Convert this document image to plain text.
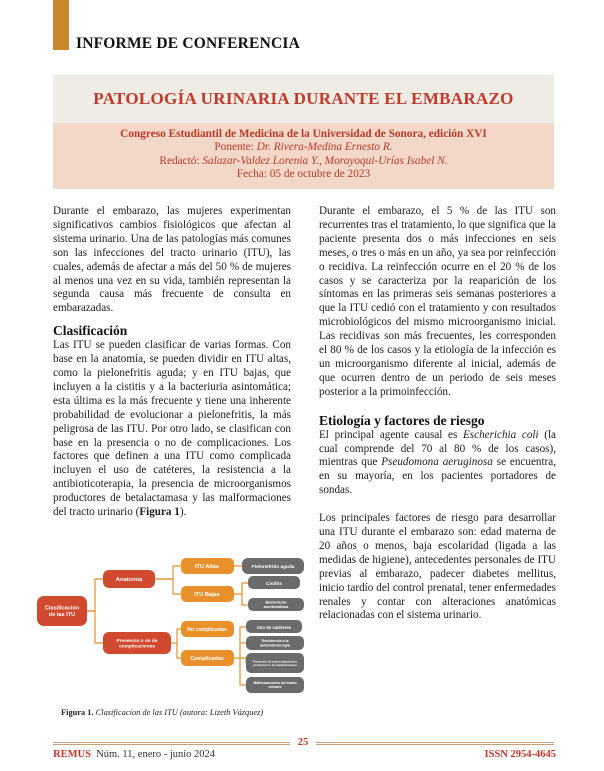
INFORME DE CONFERENCIA
PATOLOGÍA URINARIA DURANTE EL EMBARAZO
Congreso Estudiantil de Medicina de la Universidad de Sonora, edición XVI
Ponente: Dr. Rivera-Medina Ernesto R.
Redactó: Salazar-Valdez Lorenia Y., Moroyoqui-Urías Isabel N.
Fecha: 05 de octubre de 2023

Durante el embarazo, las mujeres experimentan significativos cambios fisiológicos que afectan al sistema urinario. Una de las patologías más comunes son las infecciones del tracto urinario (ITU), las cuales, además de afectar a más del 50 % de mujeres al menos una vez en su vida, también representan la segunda causa más frecuente de consulta en embarazadas.

Clasificación

Las ITU se pueden clasificar de varias formas. Con base en la anatomía, se pueden dividir en ITU altas, como la pielonefritis aguda; y en ITU bajas, que incluyen a la cistitis y a la bacteriuria asintomática; esta última es la más frecuente y tiene una inherente probabilidad de evolucionar a pielonefritis, la más peligrosa de las ITU. Por otro lado, se clasifican con base en la presencia o no de complicaciones. Los factores que definen a una ITU como complicada incluyen el uso de catéteres, la resistencia a la antibioticoterapia, la presencia de microorganismos productores de betalactamasa y las malformaciones del tracto urinario (Figura 1).

Clasificación de las ITU
Anatomía
Presencia o no de complicaciones
ITU Altas
ITU Bajas
No complicadas
Complicadas
Pielonefritis aguda
Cistitis
Bacteriuria asintomática
Uso de catéteres
Resistencia a la antibioticoterapia
Presencia de microorganismos productores de betalactamasa
Malformaciones del tracto urinario
Figura 1. Clasificacion de las ITU (autora: Lizeth Vázquez)

Durante el embarazo, el 5 % de las ITU son recurrentes tras el tratamiento, lo que significa que la paciente presenta dos o más infecciones en seis meses, o tres o más en un año, ya sea por reinfección o recidiva. La reinfección ocurre en el 20 % de los casos y se caracteriza por la reaparición de los síntomas en las primeras seis semanas posteriores a que la ITU cedió con el tratamiento y con resultados microbiológicos del mismo microorganismo inicial. Las recidivas son más frecuentes, les corresponden el 80 % de los casos y la etiología de la infección es un microorganismo diferente al inicial, además de que ocurren dentro de un periodo de seis meses posterior a la primoinfección.

Etiología y factores de riesgo

El principal agente causal es Escherichia coli (la cual comprende del 70 al 80 % de los casos), mientras que Pseudomona aeruginosa se encuentra, en su mayoría, en los pacientes portadores de sondas.

Los principales factores de riesgo para desarrollar una ITU durante el embarazo son: edad materna de 20 años o menos, baja escolaridad (ligada a las medidas de higiene), antecedentes personales de ITU previas al embarazo, padecer diabetes mellitus, inicio tardío del control prenatal, tener enfermedades renales y contar con alteraciones anatómicas relacionadas con el sistema urinario.

25
REMUS Núm. 11, enero - junio 2024	ISSN 2954-4645
